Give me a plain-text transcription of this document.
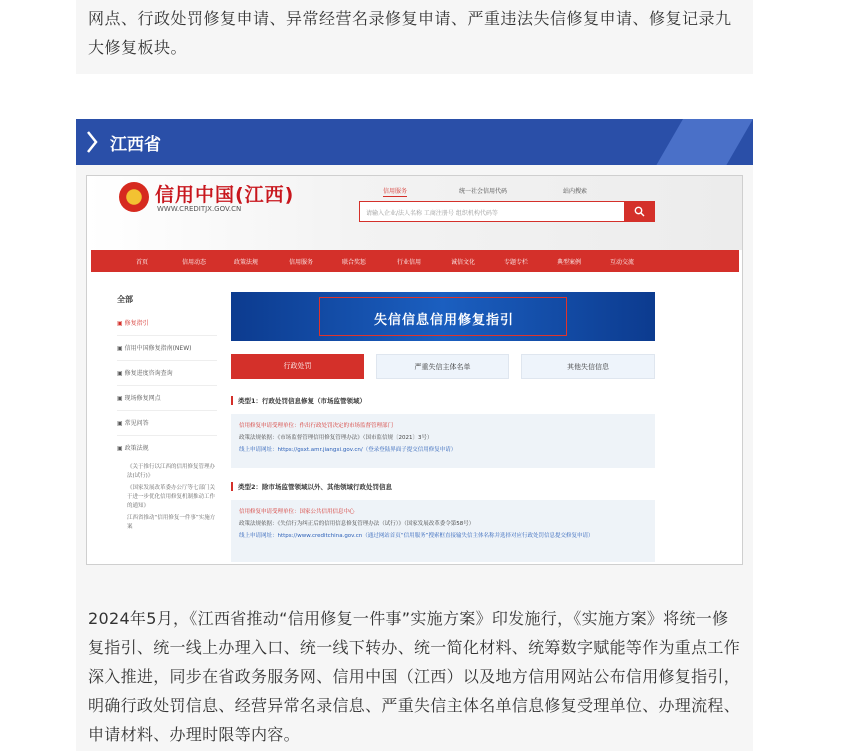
网点、行政处罚修复申请、异常经营名录修复申请、严重违法失信修复申请、修复记录九大修复板块。

江西省
信用中国(江西)
WWW.CREDITJX.GOV.CN
信用服务	统一社会信用代码	站内搜索
请输入企业/法人名称 工商注册号 组织机构代码等
首页	信用动态	政策法规	信用服务	联合奖惩	行业信用	诚信文化	专题专栏	典型案例	互动交流
全部
▣ 修复指引
▣ 信用中国修复指南(NEW)
▣ 修复进度咨询查询
▣ 现场修复网点
▣ 常见问答
▣ 政策法规
《关于推行以江西的信用修复管理办法(试行)》
《国家发展改革委办公厅等七部门关于进一步优化信用修复机制推动工作的通知》
江西省推动“信用修复一件事”实施方案
失信信息信用修复指引
行政处罚	严重失信主体名单	其他失信信息
类型1：行政处罚信息修复（市场监管领域）
信用修复申请受理单位：作出行政处罚决定的市场监督管理部门
政策法规依据：《市场监督管理信用修复管理办法》（国市监信规〔2021〕3号）
线上申请网址：https://gsxt.amr.jiangxi.gov.cn/（登录登陆界面子提交信用修复申请）
类型2：除市场监管领域以外、其他领域行政处罚信息
信用修复申请受理单位：国家公共信用信息中心
政策法规依据：《失信行为纠正后的信用信息修复管理办法（试行）》（国家发展改革委令第58号）
线上申请网址：https://www.creditchina.gov.cn（通过网站首页“信用服务”搜索框直接输失信主体名称并选择对应行政处罚信息提交修复申请）

2024年5月，《江西省推动“信用修复一件事”实施方案》印发施行，《实施方案》将统一修复指引、统一线上办理入口、统一线下转办、统一简化材料、统筹数字赋能等作为重点工作深入推进，同步在省政务服务网、信用中国（江西）以及地方信用网站公布信用修复指引，明确行政处罚信息、经营异常名录信息、严重失信主体名单信息修复受理单位、办理流程、申请材料、办理时限等内容。
